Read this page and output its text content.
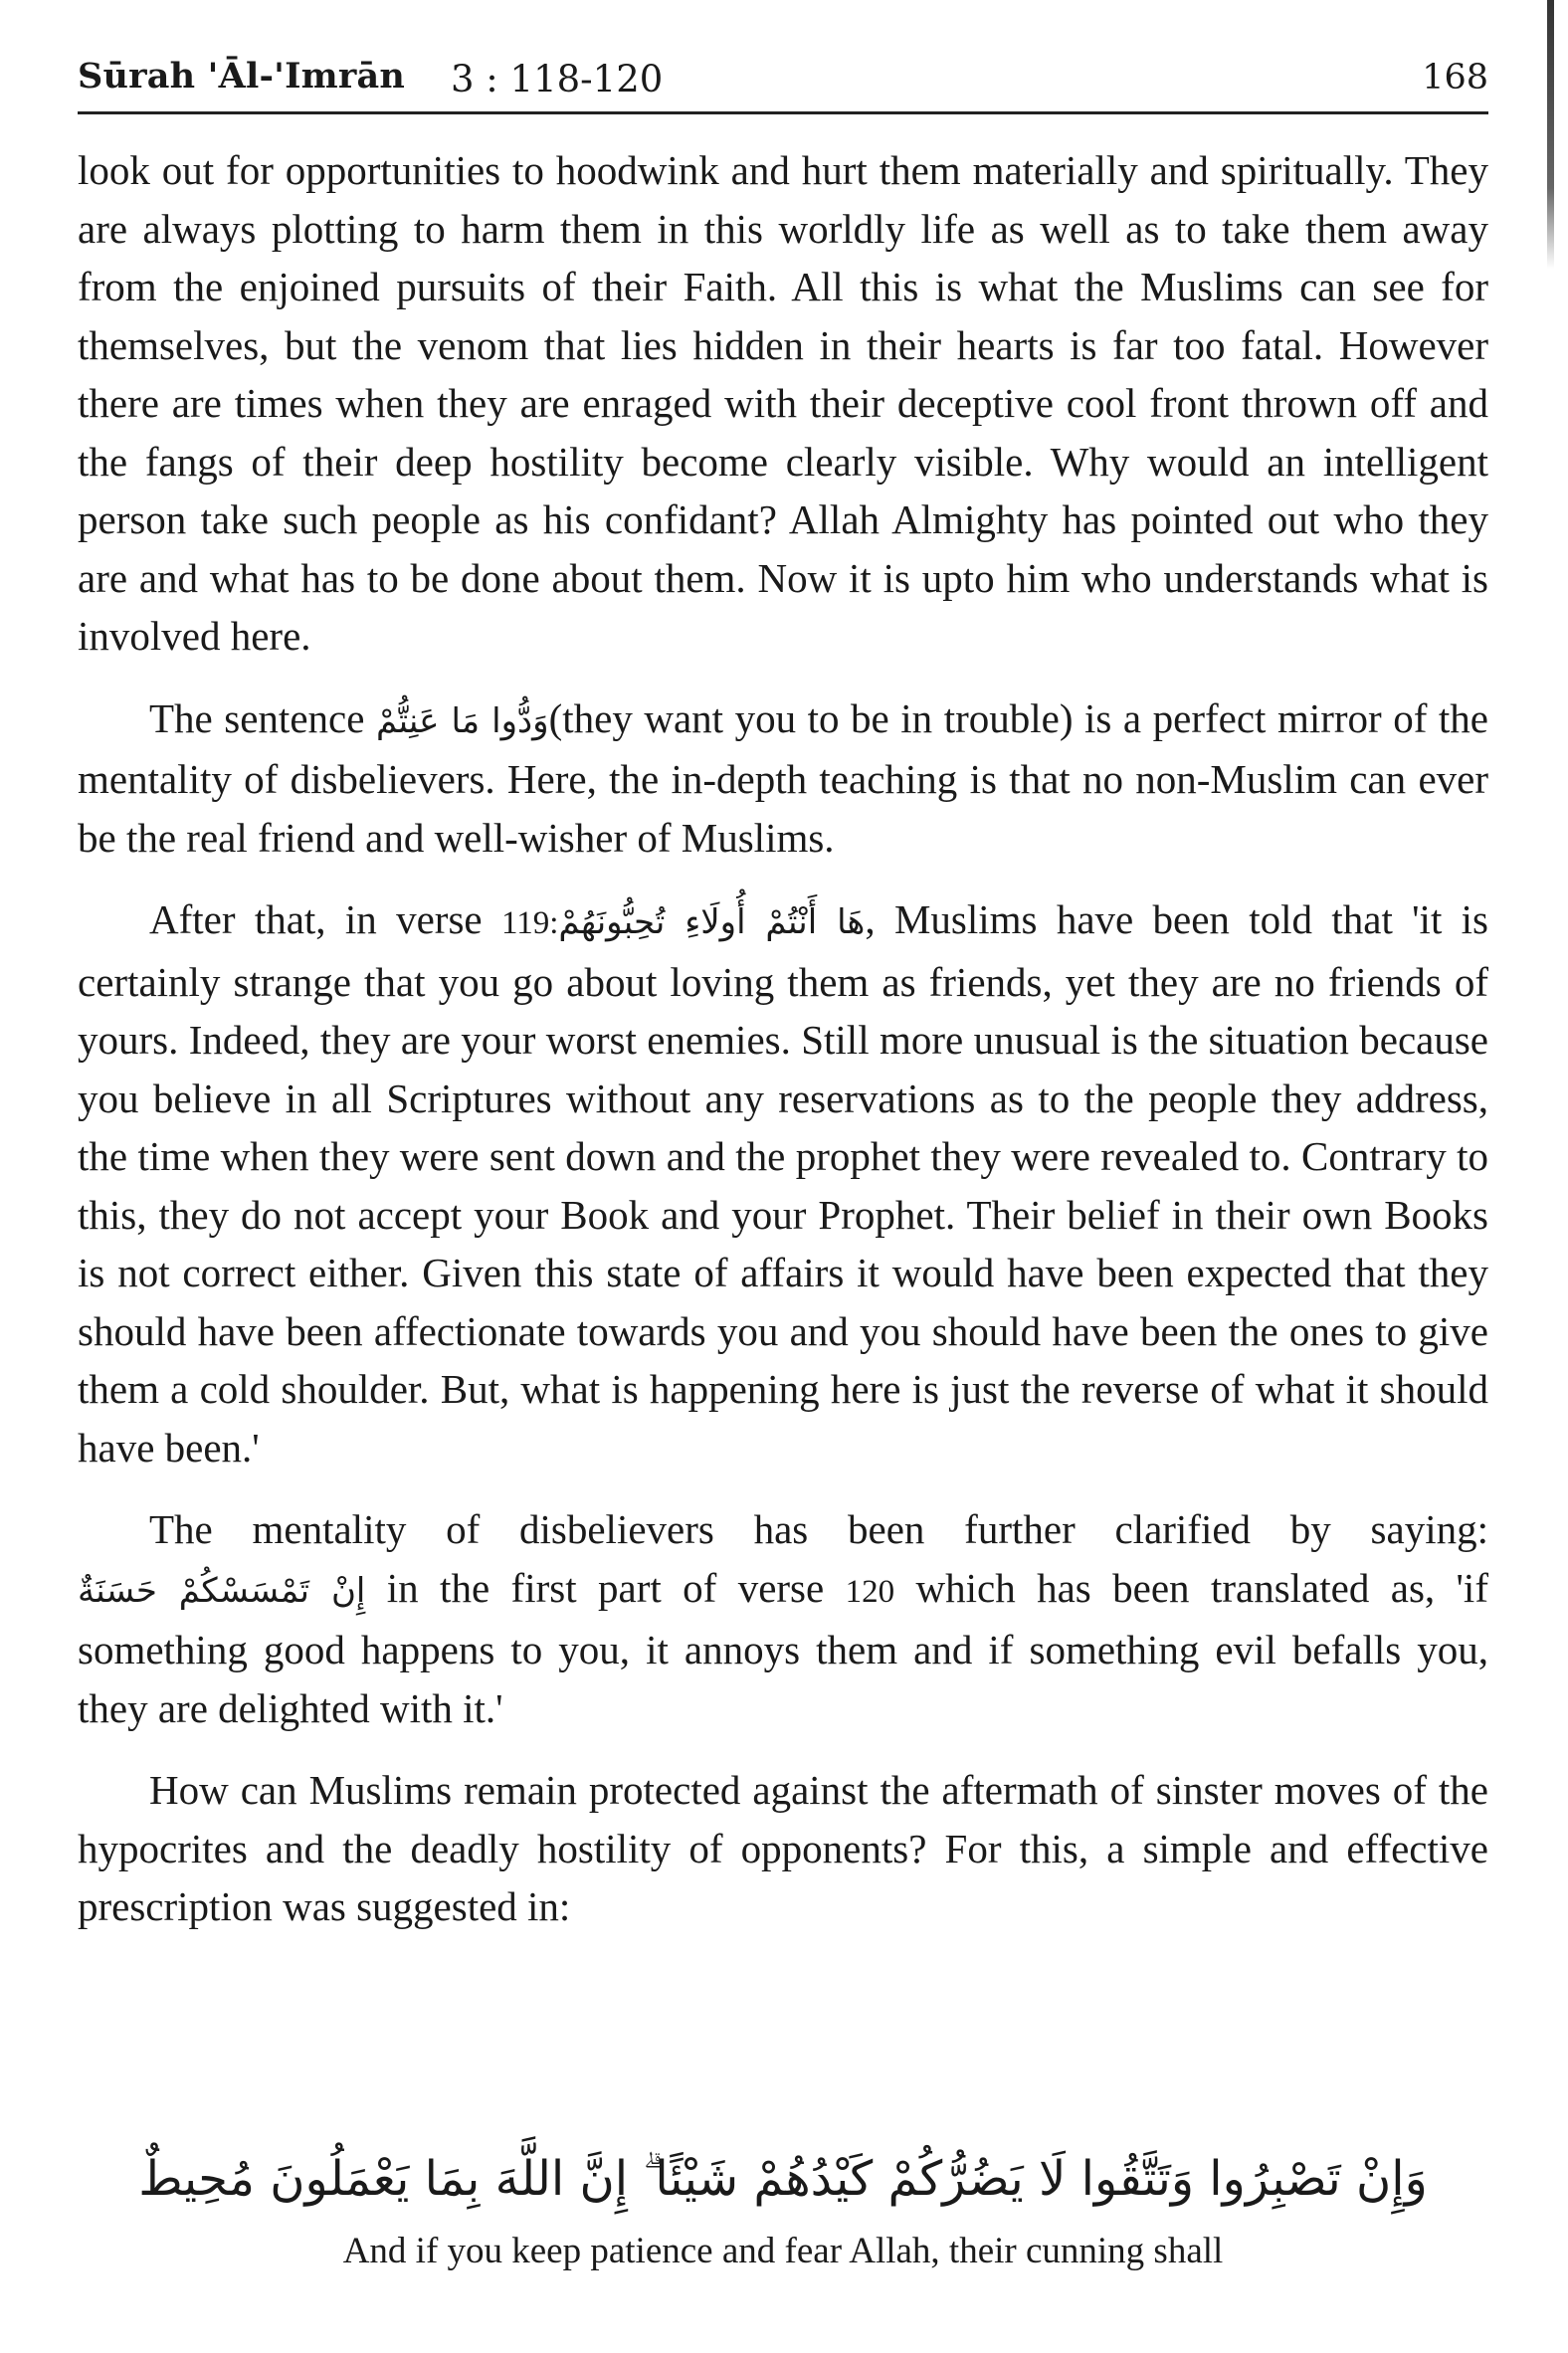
Sūrah 'Āl-'Imrān 3 : 118-120	168

look out for opportunities to hoodwink and hurt them materially and spiritually. They are always plotting to harm them in this worldly life as well as to take them away from the enjoined pursuits of their Faith. All this is what the Muslims can see for themselves, but the venom that lies hidden in their hearts is far too fatal. However there are times when they are enraged with their deceptive cool front thrown off and the fangs of their deep hostility become clearly visible. Why would an intelligent person take such people as his confidant? Allah Almighty has pointed out who they are and what has to be done about them. Now it is upto him who understands what is involved here.

The sentence وَدُّوا مَا عَنِتُّمْ(they want you to be in trouble) is a perfect mirror of the mentality of disbelievers. Here, the in-depth teaching is that no non-Muslim can ever be the real friend and well-wisher of Muslims.

After that, in verse 119:هَا أَنْتُمْ أُولَاءِ تُحِبُّونَهُمْ, Muslims have been told that 'it is certainly strange that you go about loving them as friends, yet they are no friends of yours. Indeed, they are your worst enemies. Still more unusual is the situation because you believe in all Scriptures without any reservations as to the people they address, the time when they were sent down and the prophet they were revealed to. Contrary to this, they do not accept your Book and your Prophet. Their belief in their own Books is not correct either. Given this state of affairs it would have been expected that they should have been affectionate towards you and you should have been the ones to give them a cold shoulder. But, what is happening here is just the reverse of what it should have been.'

The mentality of disbelievers has been further clarified by saying: إِنْ تَمْسَسْكُمْ حَسَنَةٌ in the first part of verse 120 which has been translated as, 'if something good happens to you, it annoys them and if something evil befalls you, they are delighted with it.'

How can Muslims remain protected against the aftermath of sinster moves of the hypocrites and the deadly hostility of opponents? For this, a simple and effective prescription was suggested in:

وَإِنْ تَصْبِرُوا وَتَتَّقُوا لَا يَضُرُّكُمْ كَيْدُهُمْ شَيْئًا ۗ إِنَّ اللَّهَ بِمَا يَعْمَلُونَ مُحِيطٌ
And if you keep patience and fear Allah, their cunning shall
